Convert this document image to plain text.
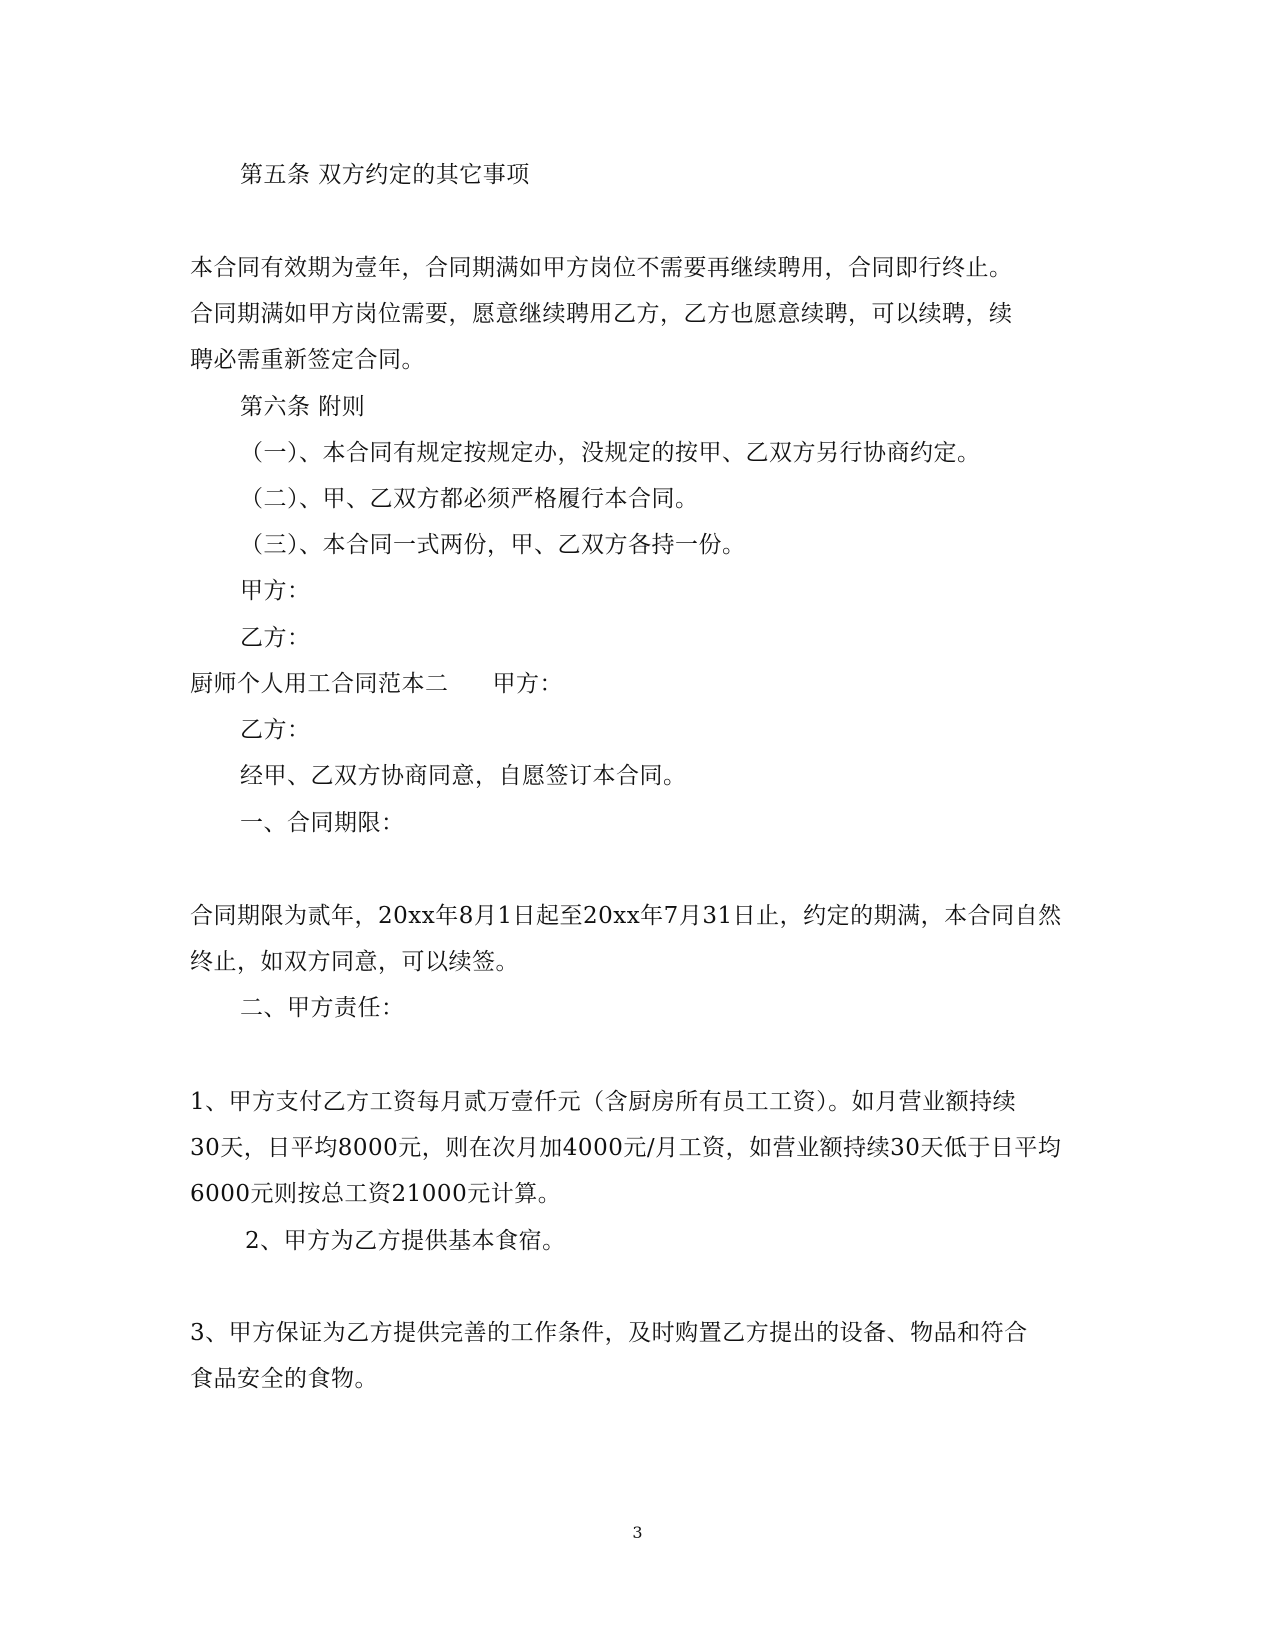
第五条 双方约定的其它事项
本合同有效期为壹年，合同期满如甲方岗位不需要再继续聘用，合同即行终止。
合同期满如甲方岗位需要，愿意继续聘用乙方，乙方也愿意续聘，可以续聘，续
聘必需重新签定合同。
第六条 附则
（一）、本合同有规定按规定办，没规定的按甲、乙双方另行协商约定。
（二）、甲、乙双方都必须严格履行本合同。
（三）、本合同一式两份，甲、乙双方各持一份。
甲方：
乙方：
厨师个人用工合同范本二 甲方：
乙方：
经甲、乙双方协商同意，自愿签订本合同。
一、合同期限：
合同期限为贰年，20xx年8月1日起至20xx年7月31日止，约定的期满，本合同自然
终止，如双方同意，可以续签。
二、甲方责任：
1、甲方支付乙方工资每月贰万壹仟元（含厨房所有员工工资）。如月营业额持续
30天，日平均8000元，则在次月加4000元/月工资，如营业额持续30天低于日平均
6000元则按总工资21000元计算。
2、甲方为乙方提供基本食宿。
3、甲方保证为乙方提供完善的工作条件，及时购置乙方提出的设备、物品和符合
食品安全的食物。
3
